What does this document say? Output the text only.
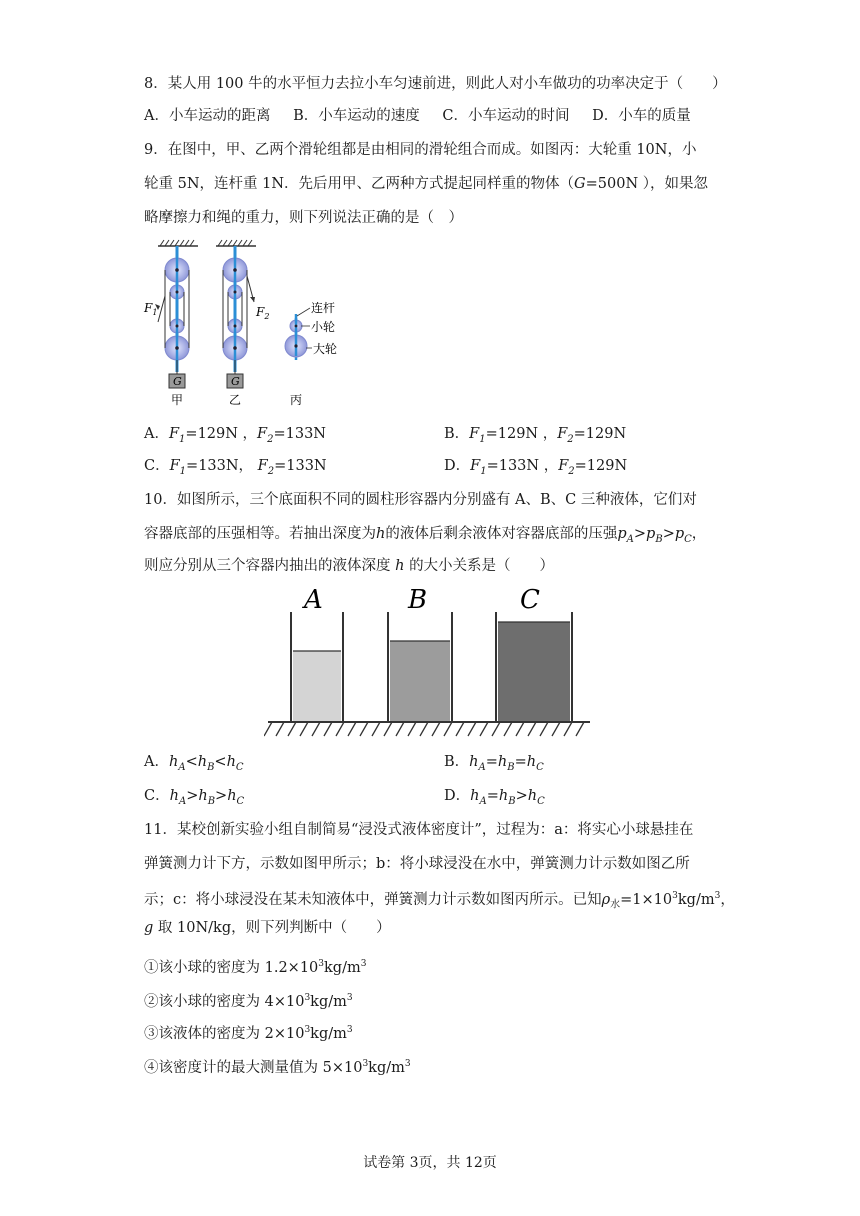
8．某人用 100 牛的水平恒力去拉小车匀速前进，则此人对小车做功的功率决定于（　　）
A．小车运动的距离 B．小车运动的速度 C．小车运动的时间 D．小车的质量
9．在图中，甲、乙两个滑轮组都是由相同的滑轮组合而成。如图丙：大轮重 10N，小
轮重 5N，连杆重 1N．先后用甲、乙两种方式提起同样重的物体（G=500N ），如果忽
略摩擦力和绳的重力，则下列说法正确的是（　）
$F_1$
G
甲
$F_2$
G
乙
连杆
小轮
大轮
丙
A．$F_1=129N$ ，$F_2=133N$	B．$F_1=129N$ ，$F_2=129N$
C．$F_1=133N$， $F_2=133N$	D．$F_1=133N$ ，$F_2=129N$
10．如图所示，三个底面积不同的圆柱形容器内分别盛有 A、B、C 三种液体，它们对
容器底部的压强相等。若抽出深度为h的液体后剩余液体对容器底部的压强$p_A>p_B>p_C$，
则应分别从三个容器内抽出的液体深度 h 的大小关系是（　　）
A	B	C
A．$h_A<h_B<h_C$	B．$h_A=h_B=h_C$
C．$h_A>h_B>h_C$	D．$h_A=h_B>h_C$
11．某校创新实验小组自制简易“浸没式液体密度计”，过程为：a：将实心小球悬挂在
弹簧测力计下方，示数如图甲所示；b：将小球浸没在水中，弹簧测力计示数如图乙所
示；c：将小球浸没在某未知液体中，弹簧测力计示数如图丙所示。已知$\rho_水=1\times 10^3kg/m^3$，
g 取 10N/kg，则下列判断中（　　）
①该小球的密度为 $1.2\times 10^3kg/m^3$
②该小球的密度为 $4\times 10^3kg/m^3$
③该液体的密度为 $2\times 10^3kg/m^3$
④该密度计的最大测量值为 $5\times 10^3kg/m^3$
试卷第 3页，共 12页
